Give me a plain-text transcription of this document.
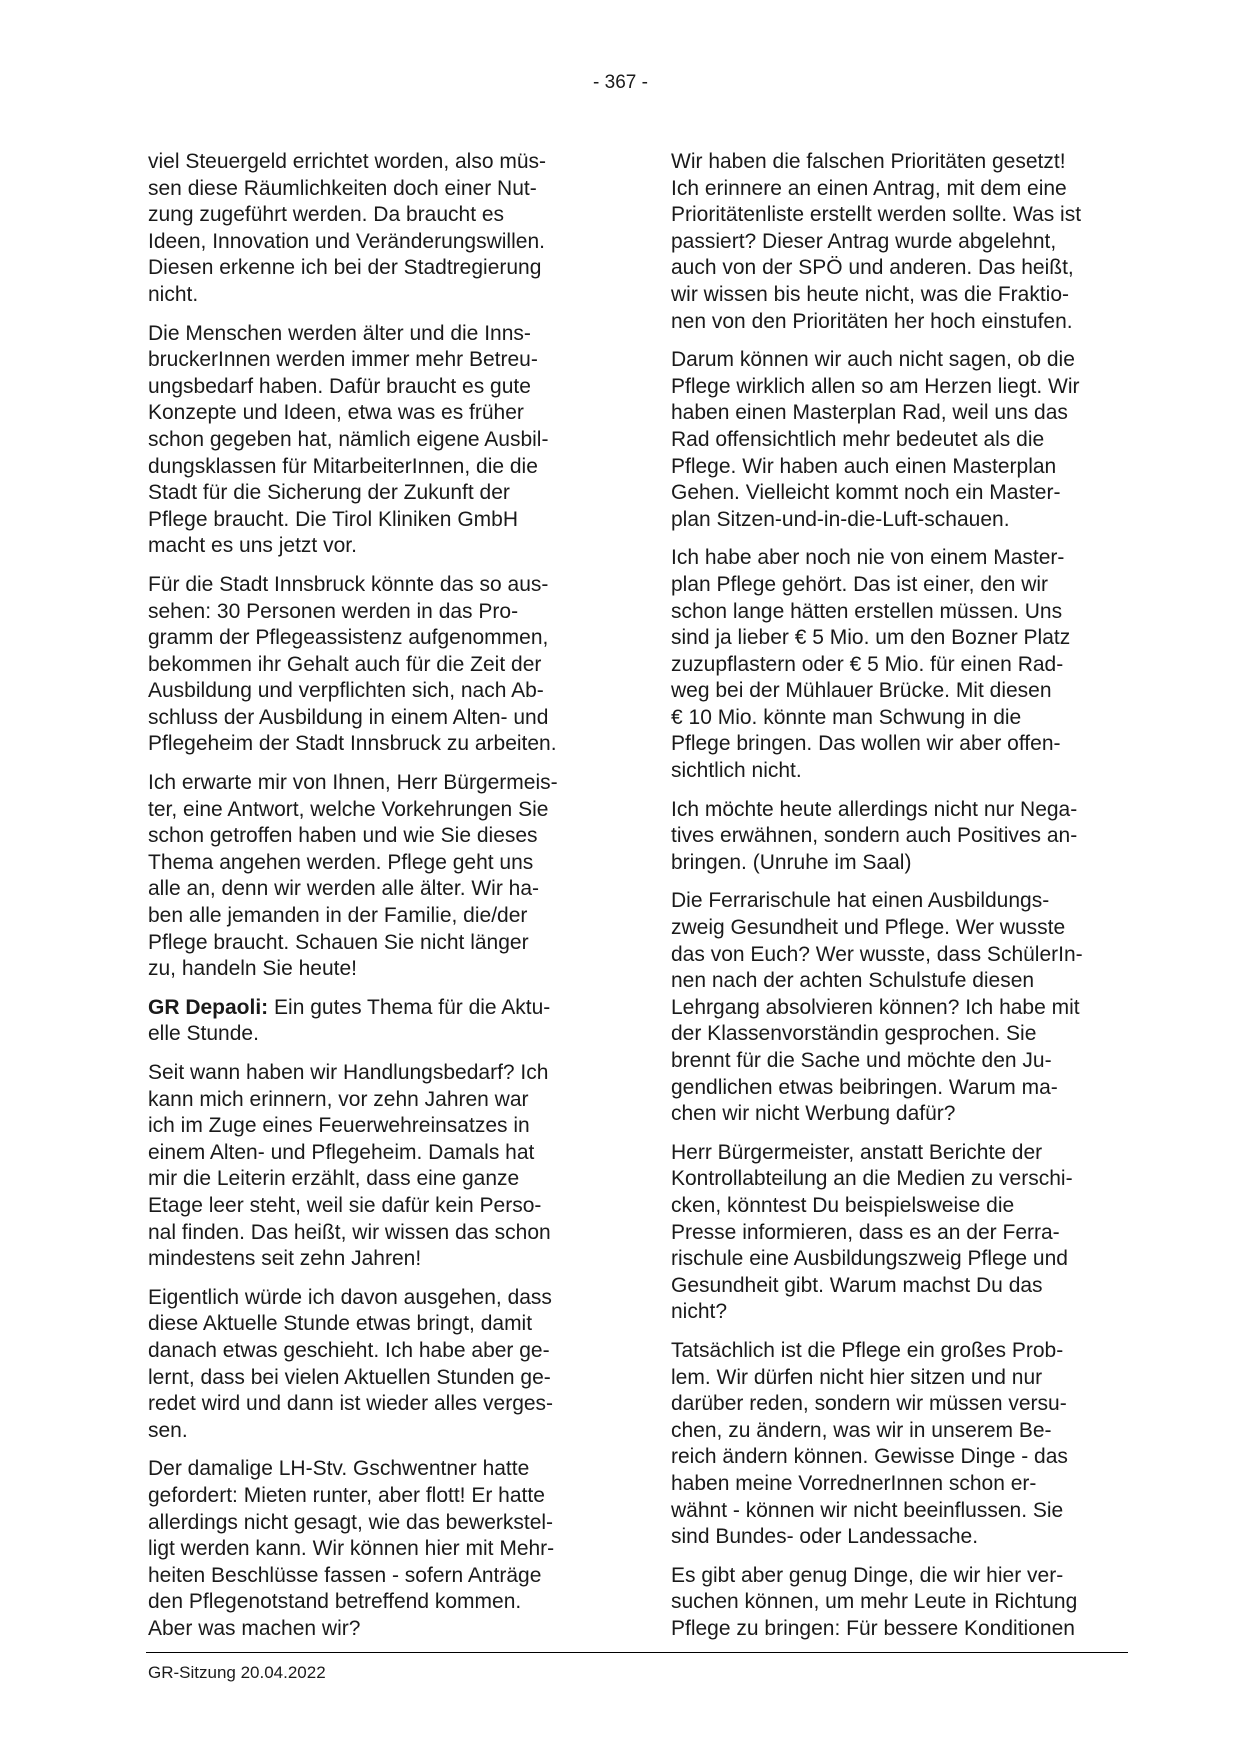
- 367 -

viel Steuergeld errichtet worden, also müs-
sen diese Räumlichkeiten doch einer Nut-
zung zugeführt werden. Da braucht es
Ideen, Innovation und Veränderungswillen.
Diesen erkenne ich bei der Stadtregierung
nicht.

Die Menschen werden älter und die Inns-
bruckerInnen werden immer mehr Betreu-
ungsbedarf haben. Dafür braucht es gute
Konzepte und Ideen, etwa was es früher
schon gegeben hat, nämlich eigene Ausbil-
dungsklassen für MitarbeiterInnen, die die
Stadt für die Sicherung der Zukunft der
Pflege braucht. Die Tirol Kliniken GmbH
macht es uns jetzt vor.

Für die Stadt Innsbruck könnte das so aus-
sehen: 30 Personen werden in das Pro-
gramm der Pflegeassistenz aufgenommen,
bekommen ihr Gehalt auch für die Zeit der
Ausbildung und verpflichten sich, nach Ab-
schluss der Ausbildung in einem Alten- und
Pflegeheim der Stadt Innsbruck zu arbeiten.

Ich erwarte mir von Ihnen, Herr Bürgermeis-
ter, eine Antwort, welche Vorkehrungen Sie
schon getroffen haben und wie Sie dieses
Thema angehen werden. Pflege geht uns
alle an, denn wir werden alle älter. Wir ha-
ben alle jemanden in der Familie, die/der
Pflege braucht. Schauen Sie nicht länger
zu, handeln Sie heute!

GR Depaoli: Ein gutes Thema für die Aktu-
elle Stunde.

Seit wann haben wir Handlungsbedarf? Ich
kann mich erinnern, vor zehn Jahren war
ich im Zuge eines Feuerwehreinsatzes in
einem Alten- und Pflegeheim. Damals hat
mir die Leiterin erzählt, dass eine ganze
Etage leer steht, weil sie dafür kein Perso-
nal finden. Das heißt, wir wissen das schon
mindestens seit zehn Jahren!

Eigentlich würde ich davon ausgehen, dass
diese Aktuelle Stunde etwas bringt, damit
danach etwas geschieht. Ich habe aber ge-
lernt, dass bei vielen Aktuellen Stunden ge-
redet wird und dann ist wieder alles verges-
sen.

Der damalige LH-Stv. Gschwentner hatte
gefordert: Mieten runter, aber flott! Er hatte
allerdings nicht gesagt, wie das bewerkstel-
ligt werden kann. Wir können hier mit Mehr-
heiten Beschlüsse fassen - sofern Anträge
den Pflegenotstand betreffend kommen.
Aber was machen wir?

Wir haben die falschen Prioritäten gesetzt!
Ich erinnere an einen Antrag, mit dem eine
Prioritätenliste erstellt werden sollte. Was ist
passiert? Dieser Antrag wurde abgelehnt,
auch von der SPÖ und anderen. Das heißt,
wir wissen bis heute nicht, was die Fraktio-
nen von den Prioritäten her hoch einstufen.

Darum können wir auch nicht sagen, ob die
Pflege wirklich allen so am Herzen liegt. Wir
haben einen Masterplan Rad, weil uns das
Rad offensichtlich mehr bedeutet als die
Pflege. Wir haben auch einen Masterplan
Gehen. Vielleicht kommt noch ein Master-
plan Sitzen-und-in-die-Luft-schauen.

Ich habe aber noch nie von einem Master-
plan Pflege gehört. Das ist einer, den wir
schon lange hätten erstellen müssen. Uns
sind ja lieber € 5 Mio. um den Bozner Platz
zuzupflastern oder € 5 Mio. für einen Rad-
weg bei der Mühlauer Brücke. Mit diesen
€ 10 Mio. könnte man Schwung in die
Pflege bringen. Das wollen wir aber offen-
sichtlich nicht.

Ich möchte heute allerdings nicht nur Nega-
tives erwähnen, sondern auch Positives an-
bringen. (Unruhe im Saal)

Die Ferrarischule hat einen Ausbildungs-
zweig Gesundheit und Pflege. Wer wusste
das von Euch? Wer wusste, dass SchülerIn-
nen nach der achten Schulstufe diesen
Lehrgang absolvieren können? Ich habe mit
der Klassenvorständin gesprochen. Sie
brennt für die Sache und möchte den Ju-
gendlichen etwas beibringen. Warum ma-
chen wir nicht Werbung dafür?

Herr Bürgermeister, anstatt Berichte der
Kontrollabteilung an die Medien zu verschi-
cken, könntest Du beispielsweise die
Presse informieren, dass es an der Ferra-
rischule eine Ausbildungszweig Pflege und
Gesundheit gibt. Warum machst Du das
nicht?

Tatsächlich ist die Pflege ein großes Prob-
lem. Wir dürfen nicht hier sitzen und nur
darüber reden, sondern wir müssen versu-
chen, zu ändern, was wir in unserem Be-
reich ändern können. Gewisse Dinge - das
haben meine VorrednerInnen schon er-
wähnt - können wir nicht beeinflussen. Sie
sind Bundes- oder Landessache.

Es gibt aber genug Dinge, die wir hier ver-
suchen können, um mehr Leute in Richtung
Pflege zu bringen: Für bessere Konditionen

GR-Sitzung 20.04.2022
